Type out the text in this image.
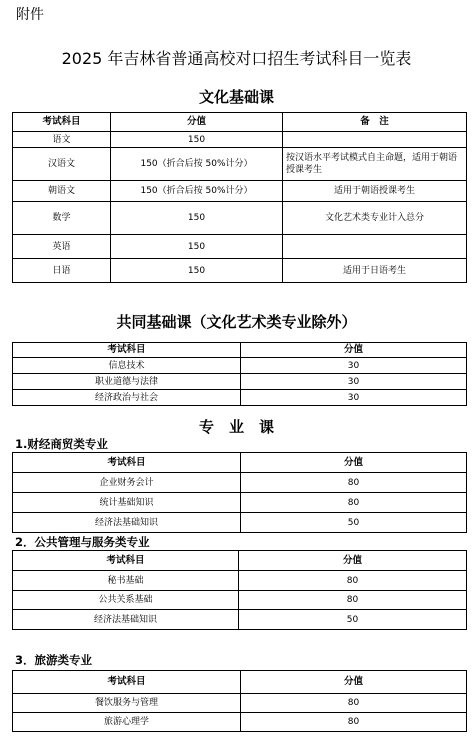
附件
2025 年吉林省普通高校对口招生考试科目一览表
文化基础课
考试科目	分值	备　注
语文	150	
汉语文	150（折合后按 50%计分）	按汉语水平考试模式自主命题，适用于朝语授课考生
朝语文	150（折合后按 50%计分）	适用于朝语授课考生
数学	150	文化艺术类专业计入总分
英语	150	
日语	150	适用于日语考生
共同基础课（文化艺术类专业除外）
考试科目	分值
信息技术	30
职业道德与法律	30
经济政治与社会	30
专　业　课
1.财经商贸类专业
考试科目	分值
企业财务会计	80
统计基础知识	80
经济法基础知识	50
2．公共管理与服务类专业
考试科目	分值
秘书基础	80
公共关系基础	80
经济法基础知识	50
3．旅游类专业
考试科目	分值
餐饮服务与管理	80
旅游心理学	80
